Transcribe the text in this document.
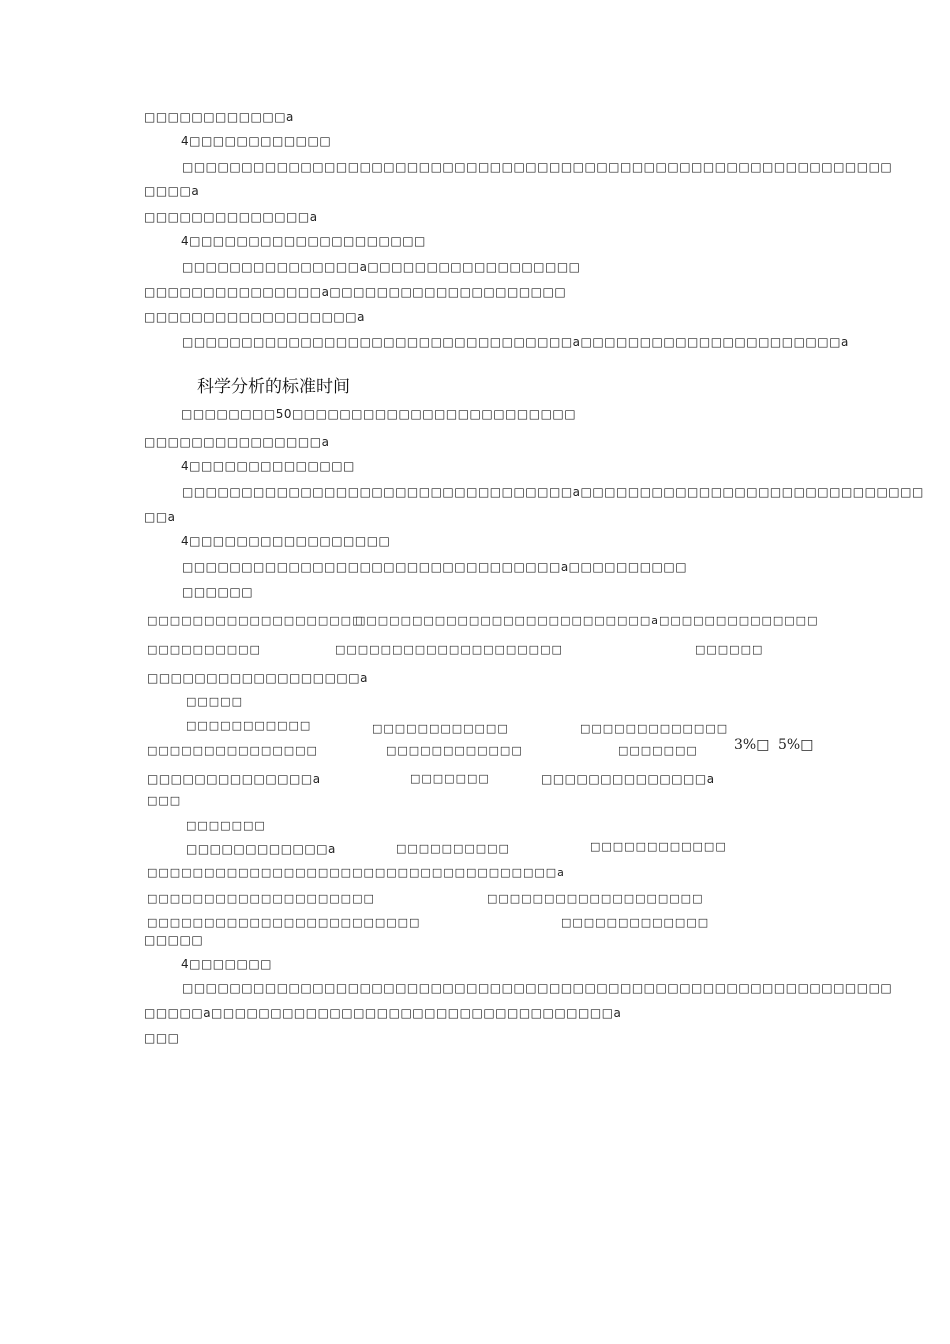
□□□□□□□□□□□□a
4□□□□□□□□□□□□
□□□□□□□□□□□□□□□□□□□□□□□□□□□□□□□□□□□□□□□□□□□□□□□□□□□□□□□□□□□□
□□□□a
□□□□□□□□□□□□□□a
4□□□□□□□□□□□□□□□□□□□□
□□□□□□□□□□□□□□□a□□□□□□□□□□□□□□□□□□
□□□□□□□□□□□□□□□a□□□□□□□□□□□□□□□□□□□□
□□□□□□□□□□□□□□□□□□a
□□□□□□□□□□□□□□□□□□□□□□□□□□□□□□□□□a□□□□□□□□□□□□□□□□□□□□□□a
科学分析的标准时间
□□□□□□□□50□□□□□□□□□□□□□□□□□□□□□□□□
□□□□□□□□□□□□□□□a
4□□□□□□□□□□□□□□
□□□□□□□□□□□□□□□□□□□□□□□□□□□□□□□□□a□□□□□□□□□□□□□□□□□□□□□□□□□□□□□
□□a
4□□□□□□□□□□□□□□□□□
□□□□□□□□□□□□□□□□□□□□□□□□□□□□□□□□a□□□□□□□□□□
□□□□□□
□□□□□□□□□□□□□□□□□□□
□□□□□□□□□□□□□□□□□□□□□□□□□□a□□□□□□□□□□□□□□
□□□□□□□□□□	□□□□□□□□□□□□□□□□□□□□	□□□□□□
□□□□□□□□□□□□□□□□□□a
□□□□□
□□□□□□□□□□□	□□□□□□□□□□□□	□□□□□□□□□□□□□
□□□□□□□□□□□□□□□	□□□□□□□□□□□□	□□□□□□□	3%□ 5%□
□□□□□□□□□□□□□□a	□□□□□□□	□□□□□□□□□□□□□□a
□□□
□□□□□□□
□□□□□□□□□□□□a	□□□□□□□□□□	□□□□□□□□□□□□
□□□□□□□□□□□□□□□□□□□□□□□□□□□□□□□□□□□□a
□□□□□□□□□□□□□□□□□□□□	□□□□□□□□□□□□□□□□□□□
□□□□□□□□□□□□□□□□□□□□□□□□	□□□□□□□□□□□□□
□□□□□
4□□□□□□□
□□□□□□□□□□□□□□□□□□□□□□□□□□□□□□□□□□□□□□□□□□□□□□□□□□□□□□□□□□□□
□□□□□a□□□□□□□□□□□□□□□□□□□□□□□□□□□□□□□□□□a
□□□
